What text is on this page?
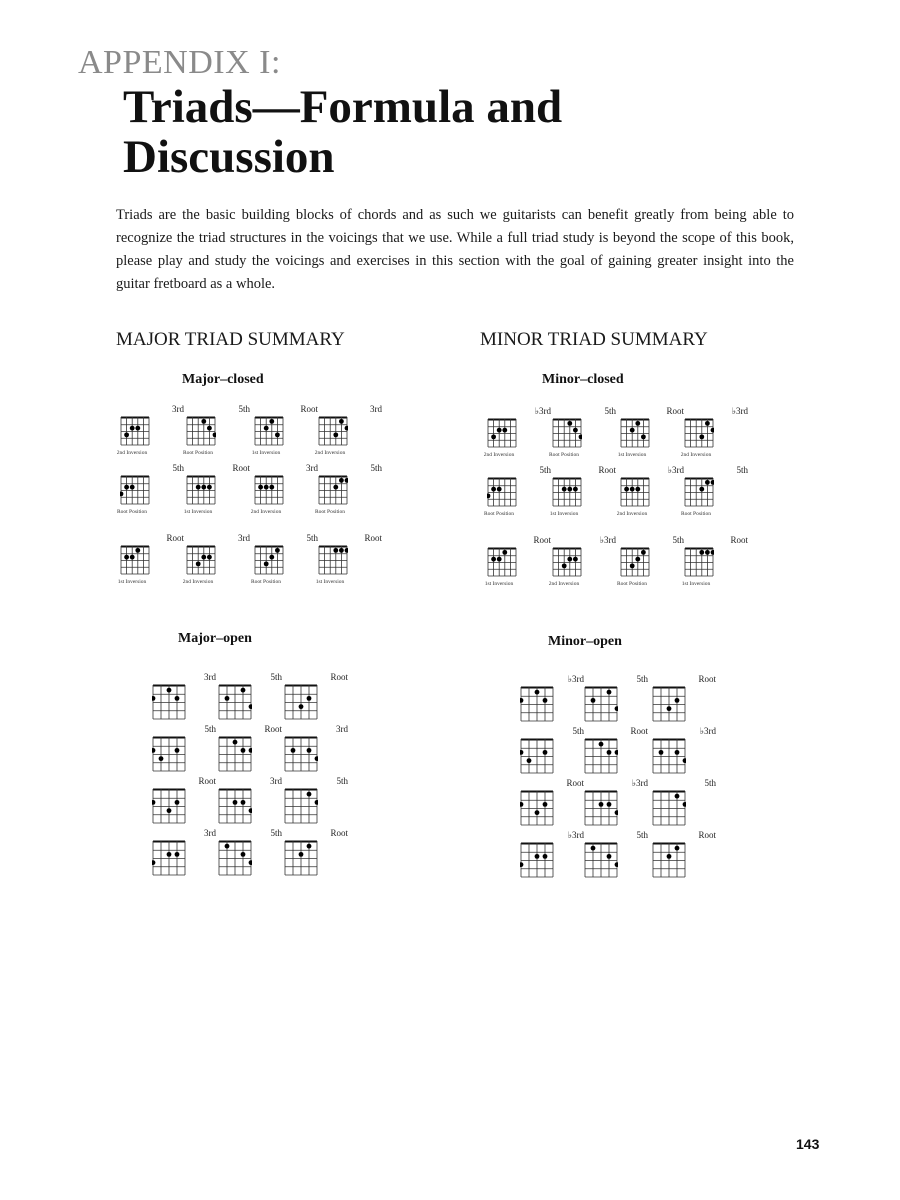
APPENDIX I:
Triads—Formula and
Discussion

Triads are the basic building blocks of chords and as such we guitarists can benefit greatly from being able to recognize the triad structures in the voicings that we use. While a full triad study is beyond the scope of this book, please play and study the voicings and exercises in this section with the goal of gaining greater insight into the guitar fretboard as a whole.

MAJOR TRIAD SUMMARY	MINOR TRIAD SUMMARY
Major–closed	Minor–closed
Major–open	Minor–open
3rd
2nd Inversion
5th
Root Position
Root
1st Inversion
3rd
2nd Inversion
5th
Root Position
Root
1st Inversion
3rd
2nd Inversion
5th
Root Position
Root
1st Inversion
3rd
2nd Inversion
5th
Root Position
Root
1st Inversion
♭3rd
2nd Inversion
5th
Root Position
Root
1st Inversion
♭3rd
2nd Inversion
5th
Root Position
Root
1st Inversion
♭3rd
2nd Inversion
5th
Root Position
Root
1st Inversion
♭3rd
2nd Inversion
5th
Root Position
Root
1st Inversion
3rd	5th	Root
5th	Root	3rd
Root	3rd	5th
3rd	5th	Root
♭3rd	5th	Root
5th	Root	♭3rd
Root	♭3rd	5th
♭3rd	5th	Root
143
